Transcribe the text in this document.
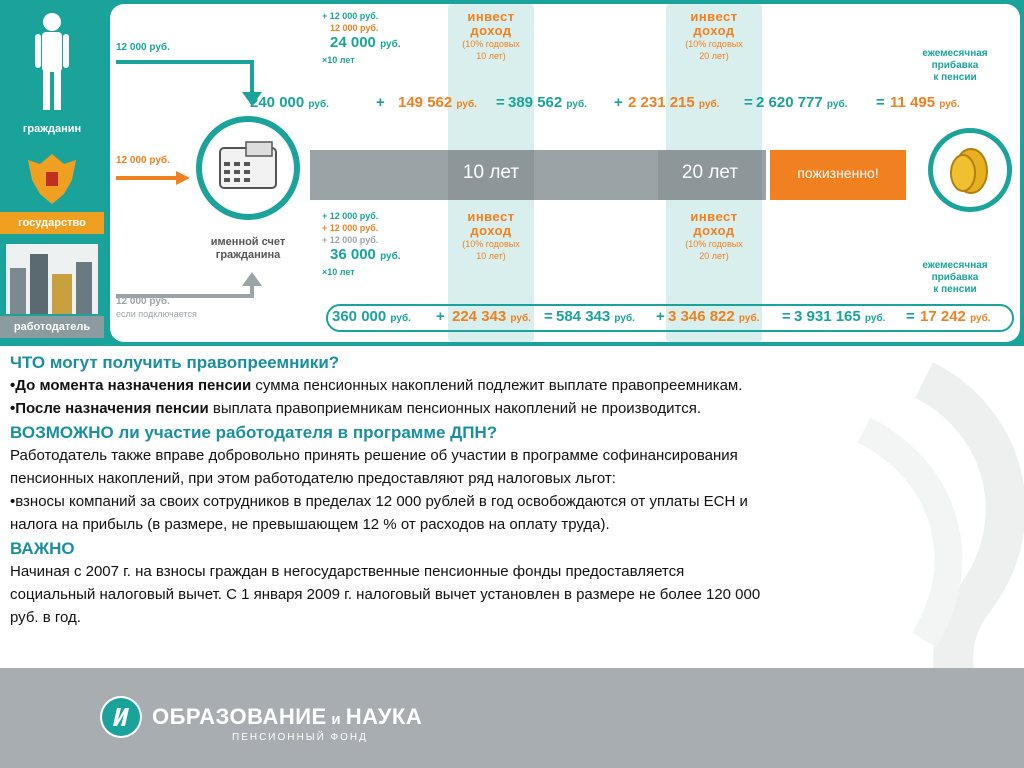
гражданин
государство
работодатель
12 000 руб.
12 000 руб.
12 000 руб.
если подключается
именной счет
гражданина
инвест
доход
(10% годовых
10 лет)
инвест
доход
(10% годовых
20 лет)
+ 12 000 руб.
12 000 руб.
24 000 руб.
×10 лет
240 000 руб.	+ 149 562 руб. = 389 562 руб. + 2 231 215 руб. = 2 620 777 руб. = 11 495 руб.
ежемесячная
прибавка
к пенсии
10 лет	20 лет	пожизненно!
инвест
доход
(10% годовых
10 лет)
инвест
доход
(10% годовых
20 лет)
+ 12 000 руб.
+ 12 000 руб.
+ 12 000 руб.
36 000 руб.
×10 лет
ежемесячная
прибавка
к пенсии
360 000 руб. + 224 343 руб. = 584 343 руб. + 3 346 822 руб. = 3 931 165 руб. = 17 242 руб.
ЧТО могут получить правопреемники?
•До момента назначения пенсии сумма пенсионных накоплений подлежит выплате правопреемникам.
•После назначения пенсии выплата правоприемникам пенсионных накоплений не производится.
ВОЗМОЖНО ли участие работодателя в программе ДПН?
Работодатель также вправе добровольно принять решение об участии в программе софинансирования
пенсионных накоплений, при этом работодателю предоставляют ряд налоговых льгот:
•взносы компаний за своих сотрудников в пределах 12 000 рублей в год освобождаются от уплаты ЕСН и
налога на прибыль (в размере, не превышающем 12 % от расходов на оплату труда).
ВАЖНО
Начиная с 2007 г. на взносы граждан в негосударственные пенсионные фонды предоставляется
социальный налоговый вычет. С 1 января 2009 г. налоговый вычет установлен в размере не более 120 000
руб. в год.
ОБРАЗОВАНИЕ и НАУКА
ПЕНСИОННЫЙ ФОНД
